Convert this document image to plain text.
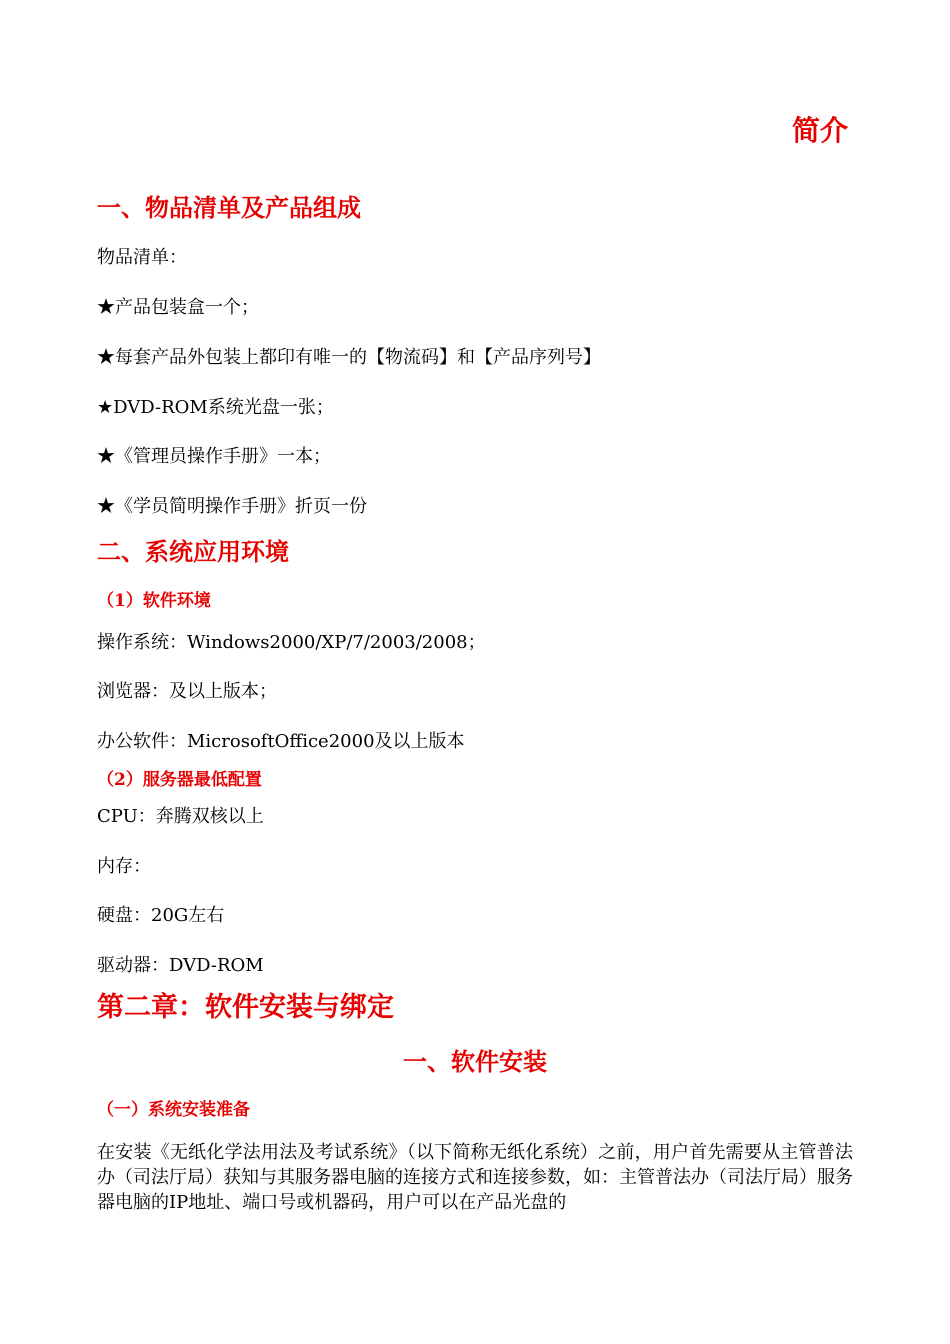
简介
一、物品清单及产品组成

物品清单：

★产品包装盒一个；

★每套产品外包装上都印有唯一的【物流码】和【产品序列号】

★DVD-ROM系统光盘一张；

★《管理员操作手册》一本；

★《学员简明操作手册》折页一份

二、系统应用环境
（1）软件环境

操作系统：Windows2000/XP/7/2003/2008；

浏览器：及以上版本；

办公软件：MicrosoftOffice2000及以上版本

（2）服务器最低配置

CPU：奔腾双核以上

内存：

硬盘：20G左右

驱动器：DVD-ROM

第二章：软件安装与绑定
一、软件安装
（一）系统安装准备

在安装《无纸化学法用法及考试系统》（以下简称无纸化系统）之前，用户首先需要从主管普法办（司法厅局）获知与其服务器电脑的连接方式和连接参数，如：主管普法办（司法厅局）服务器电脑的IP地址、端口号或机器码，用户可以在产品光盘的
